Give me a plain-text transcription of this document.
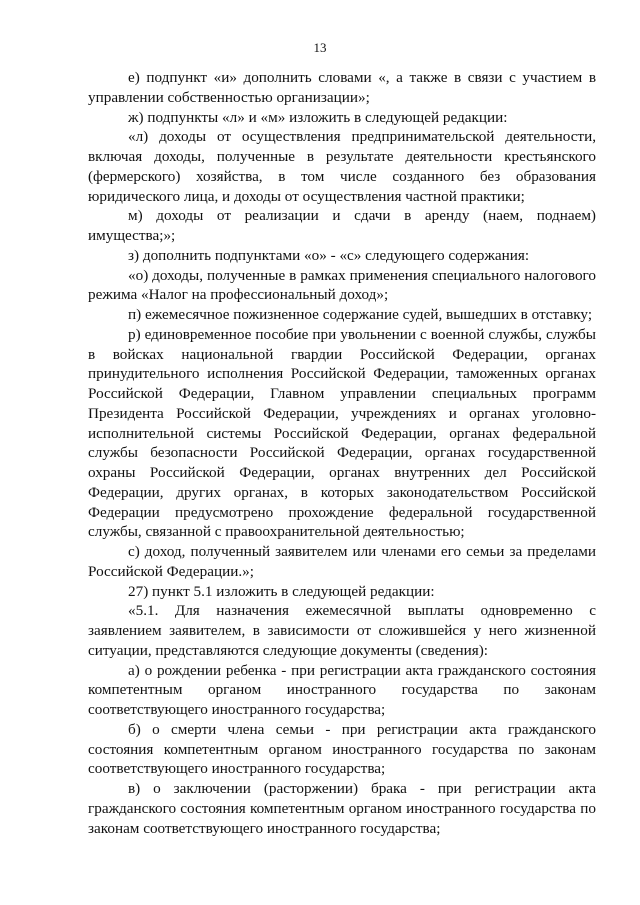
13

е) подпункт «и» дополнить словами «, а также в связи с участием в управлении собственностью организации»;

ж) подпункты «л» и «м» изложить в следующей редакции:

«л) доходы от осуществления предпринимательской деятельности, включая доходы, полученные в результате деятельности крестьянского (фермерского) хозяйства, в том числе созданного без образования юридического лица, и доходы от осуществления частной практики;

м) доходы от реализации и сдачи в аренду (наем, поднаем) имущества;»;

з) дополнить подпунктами «о» - «с» следующего содержания:

«о) доходы, полученные в рамках применения специального налогового режима «Налог на профессиональный доход»;

п) ежемесячное пожизненное содержание судей, вышедших в отставку;

р) единовременное пособие при увольнении с военной службы, службы в войсках национальной гвардии Российской Федерации, органах принудительного исполнения Российской Федерации, таможенных органах Российской Федерации, Главном управлении специальных программ Президента Российской Федерации, учреждениях и органах уголовно-исполнительной системы Российской Федерации, органах федеральной службы безопасности Российской Федерации, органах государственной охраны Российской Федерации, органах внутренних дел Российской Федерации, других органах, в которых законодательством Российской Федерации предусмотрено прохождение федеральной государственной службы, связанной с правоохранительной деятельностью;

с) доход, полученный заявителем или членами его семьи за пределами Российской Федерации.»;

27) пункт 5.1 изложить в следующей редакции:

«5.1. Для назначения ежемесячной выплаты одновременно с заявлением заявителем, в зависимости от сложившейся у него жизненной ситуации, представляются следующие документы (сведения):

а) о рождении ребенка - при регистрации акта гражданского состояния компетентным органом иностранного государства по законам соответствующего иностранного государства;

б) о смерти члена семьи - при регистрации акта гражданского состояния компетентным органом иностранного государства по законам соответствующего иностранного государства;

в) о заключении (расторжении) брака - при регистрации акта гражданского состояния компетентным органом иностранного государства по законам соответствующего иностранного государства;
